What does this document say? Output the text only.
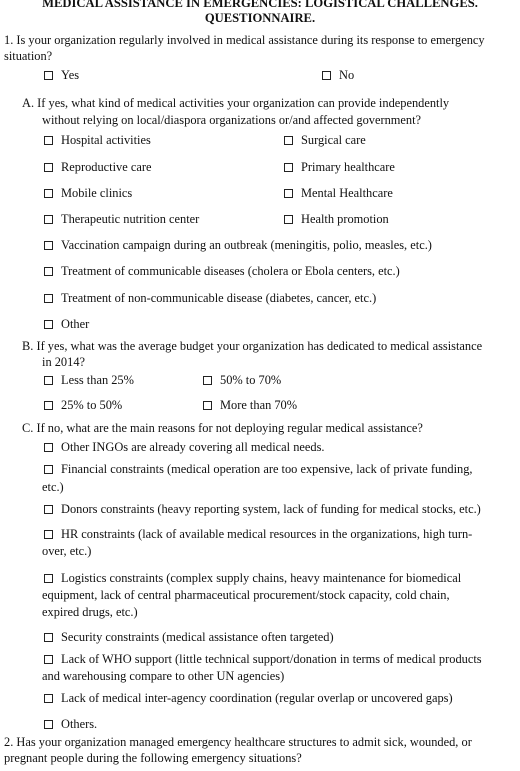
MEDICAL ASSISTANCE IN EMERGENCIES: LOGISTICAL CHALLENGES.
QUESTIONNAIRE.
1. Is your organization regularly involved in medical assistance during its response to emergency
situation?
Yes	No
A. If yes, what kind of medical activities your organization can provide independently
without relying on local/diaspora organizations or/and affected government?
Hospital activities	Surgical care
Reproductive care	Primary healthcare
Mobile clinics	Mental Healthcare
Therapeutic nutrition center	Health promotion
Vaccination campaign during an outbreak (meningitis, polio, measles, etc.)
Treatment of communicable diseases (cholera or Ebola centers, etc.)
Treatment of non-communicable disease (diabetes, cancer, etc.)
Other
B. If yes, what was the average budget your organization has dedicated to medical assistance
in 2014?
Less than 25%	50% to 70%
25% to 50%	More than 70%
C. If no, what are the main reasons for not deploying regular medical assistance?
Other INGOs are already covering all medical needs.
Financial constraints (medical operation are too expensive, lack of private funding,
etc.)
Donors constraints (heavy reporting system, lack of funding for medical stocks, etc.)
HR constraints (lack of available medical resources in the organizations, high turn-
over, etc.)
Logistics constraints (complex supply chains, heavy maintenance for biomedical
equipment, lack of central pharmaceutical procurement/stock capacity, cold chain,
expired drugs, etc.)
Security constraints (medical assistance often targeted)
Lack of WHO support (little technical support/donation in terms of medical products
and warehousing compare to other UN agencies)
Lack of medical inter-agency coordination (regular overlap or uncovered gaps)
Others.
2. Has your organization managed emergency healthcare structures to admit sick, wounded, or
pregnant people during the following emergency situations?
